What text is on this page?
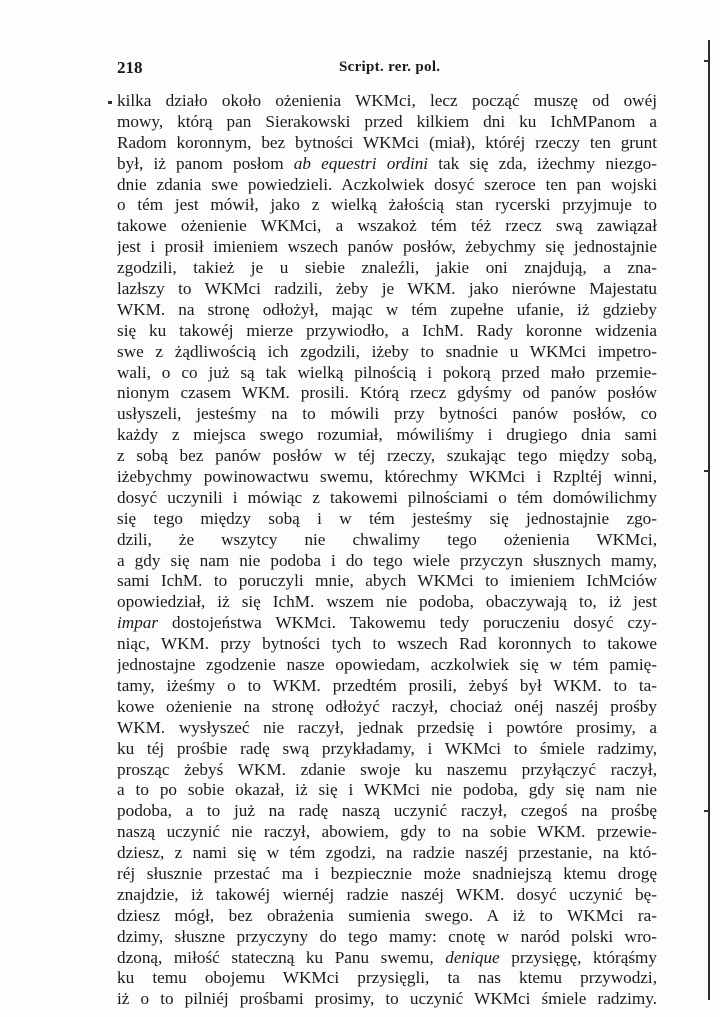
218	Script. rer. pol.
kilka działo około ożenienia WKMci, lecz począć muszę od owéj
mowy, którą pan Sierakowski przed kilkiem dni ku IchMPanom a
Radom koronnym, bez bytności WKMci (miał), któréj rzeczy ten grunt
był, iż panom posłom ab equestri ordini tak się zda, iżechmy niezgo-
dnie zdania swe powiedzieli. Aczkolwiek dosyć szeroce ten pan wojski
o tém jest mówił, jako z wielką żałością stan rycerski przyjmuje to
takowe ożenienie WKMci, a wszakoż tém téż rzecz swą zawiązał
jest i prosił imieniem wszech panów posłów, żebychmy się jednostajnie
zgodzili, takież je u siebie znaleźli, jakie oni znajdują, a zna-
lazłszy to WKMci radzili, żeby je WKM. jako nierówne Majestatu
WKM. na stronę odłożył, mając w tém zupełne ufanie, iż gdzieby
się ku takowéj mierze przywiodło, a IchM. Rady koronne widzenia
swe z żądliwością ich zgodzili, iżeby to snadnie u WKMci impetro-
wali, o co już są tak wielką pilnością i pokorą przed mało przemie-
nionym czasem WKM. prosili. Którą rzecz gdyśmy od panów posłów
usłyszeli, jesteśmy na to mówili przy bytności panów posłów, co
każdy z miejsca swego rozumiał, mówiliśmy i drugiego dnia sami
z sobą bez panów posłów w téj rzeczy, szukając tego między sobą,
iżebychmy powinowactwu swemu, którechmy WKMci i Rzpltéj winni,
dosyć uczynili i mówiąc z takowemi pilnościami o tém domówilichmy
się tego między sobą i w tém jesteśmy się jednostajnie zgo-
dzili, że wszytcy nie chwalimy tego ożenienia WKMci,
a gdy się nam nie podoba i do tego wiele przyczyn słusznych mamy,
sami IchM. to poruczyli mnie, abych WKMci to imieniem IchMciów
opowiedział, iż się IchM. wszem nie podoba, obaczywają to, iż jest
impar dostojeństwa WKMci. Takowemu tedy poruczeniu dosyć czy-
niąc, WKM. przy bytności tych to wszech Rad koronnych to takowe
jednostajne zgodzenie nasze opowiedam, aczkolwiek się w tém pamię-
tamy, iżeśmy o to WKM. przedtém prosili, żebyś był WKM. to ta-
kowe ożenienie na stronę odłożyć raczył, chociaż onéj naszéj prośby
WKM. wysłyszeć nie raczył, jednak przedsię i powtóre prosimy, a
ku téj prośbie radę swą przykładamy, i WKMci to śmiele radzimy,
prosząc żebyś WKM. zdanie swoje ku naszemu przyłączyć raczył,
a to po sobie okazał, iż się i WKMci nie podoba, gdy się nam nie
podoba, a to już na radę naszą uczynić raczył, czegoś na prośbę
naszą uczynić nie raczył, abowiem, gdy to na sobie WKM. przewie-
dziesz, z nami się w tém zgodzi, na radzie naszéj przestanie, na któ-
réj słusznie przestać ma i bezpiecznie może snadniejszą ktemu drogę
znajdzie, iż takowéj wiernéj radzie naszéj WKM. dosyć uczynić bę-
dziesz mógł, bez obrażenia sumienia swego. A iż to WKMci ra-
dzimy, słuszne przyczyny do tego mamy: cnotę w naród polski wro-
dzoną, miłość stateczną ku Panu swemu, denique przysięgę, którąśmy
ku temu obojemu WKMci przysięgli, ta nas ktemu przywodzi,
iż o to pilniéj prośbami prosimy, to uczynić WKMci śmiele radzimy.
